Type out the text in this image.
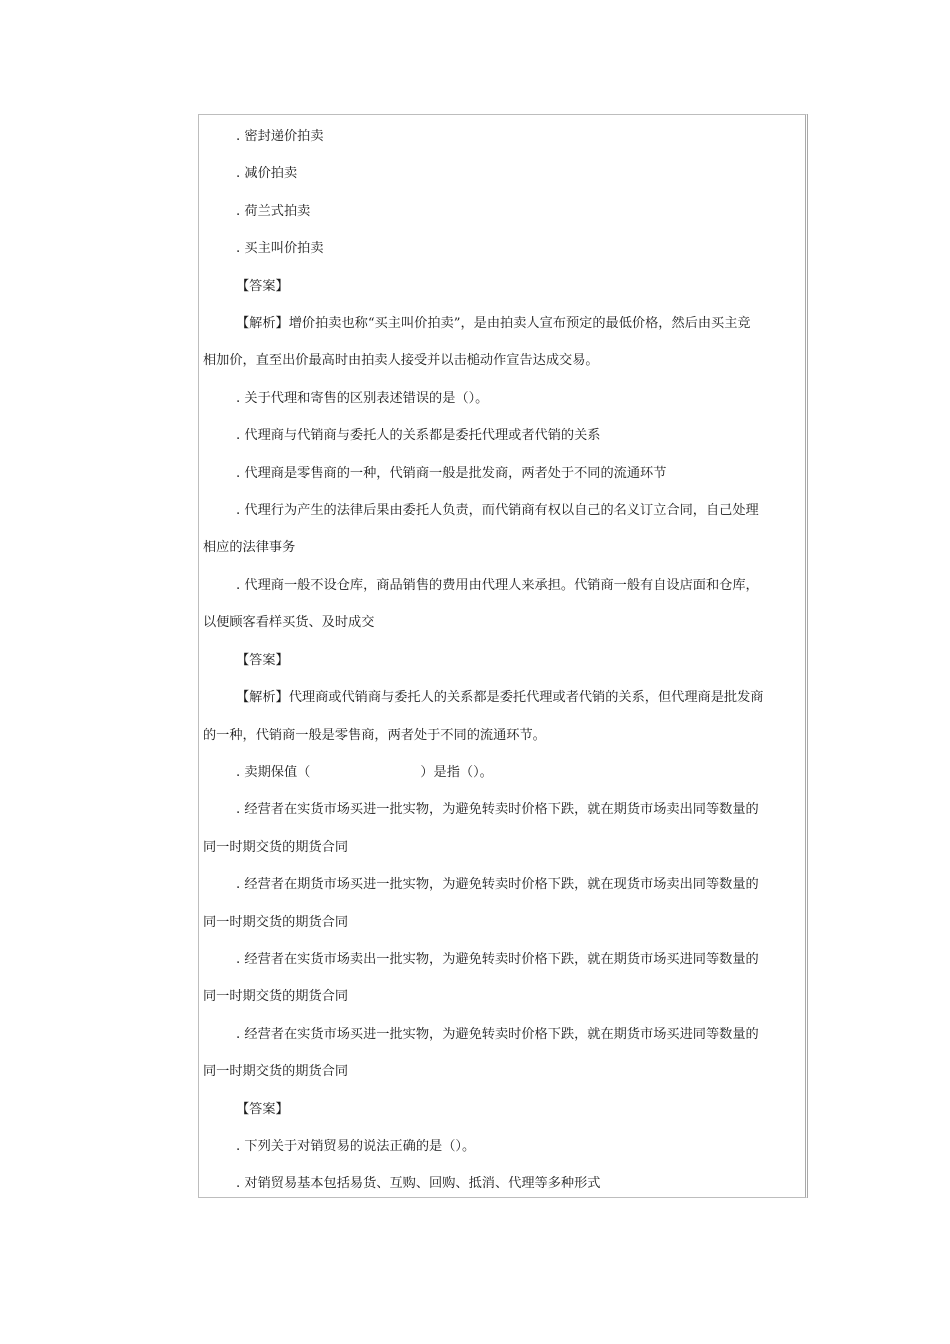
. 密封递价拍卖

. 减价拍卖

. 荷兰式拍卖

. 买主叫价拍卖

【答案】

【解析】增价拍卖也称“买主叫价拍卖”，是由拍卖人宣布预定的最低价格，然后由买主竞

相加价，直至出价最高时由拍卖人接受并以击槌动作宣告达成交易。

. 关于代理和寄售的区别表述错误的是（）。

. 代理商与代销商与委托人的关系都是委托代理或者代销的关系

. 代理商是零售商的一种，代销商一般是批发商，两者处于不同的流通环节

. 代理行为产生的法律后果由委托人负责，而代销商有权以自己的名义订立合同，自己处理

相应的法律事务

. 代理商一般不设仓库，商品销售的费用由代理人来承担。代销商一般有自设店面和仓库，

以便顾客看样买货、及时成交

【答案】

【解析】代理商或代销商与委托人的关系都是委托代理或者代销的关系，但代理商是批发商

的一种，代销商一般是零售商，两者处于不同的流通环节。

. 卖期保值（	）是指（）。

. 经营者在实货市场买进一批实物，为避免转卖时价格下跌，就在期货市场卖出同等数量的

同一时期交货的期货合同

. 经营者在期货市场买进一批实物，为避免转卖时价格下跌，就在现货市场卖出同等数量的

同一时期交货的期货合同

. 经营者在实货市场卖出一批实物，为避免转卖时价格下跌，就在期货市场买进同等数量的

同一时期交货的期货合同

. 经营者在实货市场买进一批实物，为避免转卖时价格下跌，就在期货市场买进同等数量的

同一时期交货的期货合同

【答案】

. 下列关于对销贸易的说法正确的是（）。

. 对销贸易基本包括易货、互购、回购、抵消、代理等多种形式
